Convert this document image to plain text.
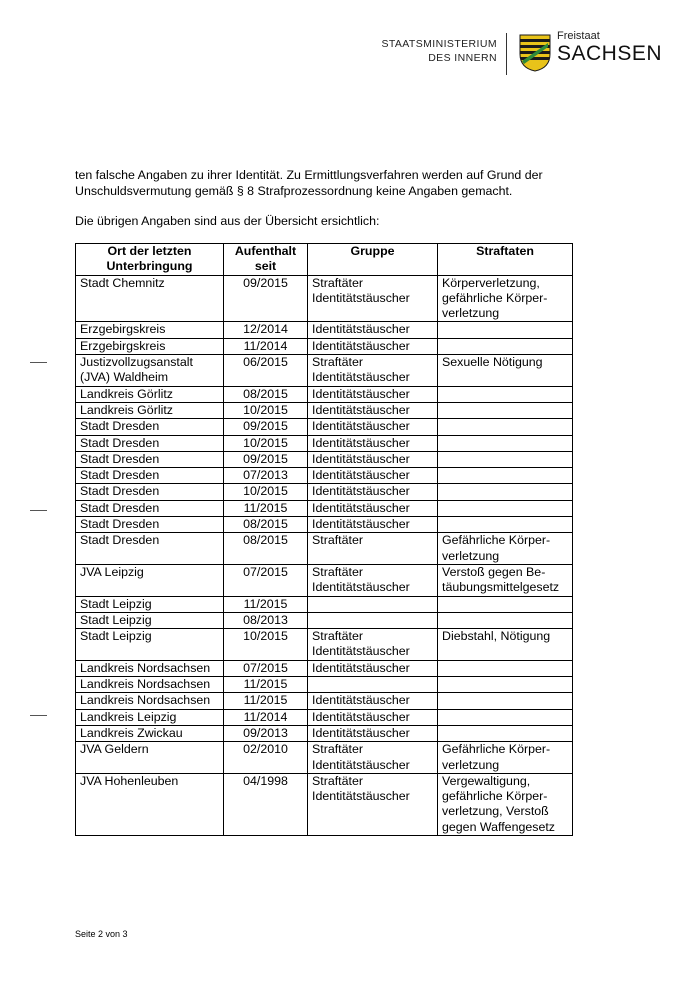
STAATSMINISTERIUM
DES INNERN
Freistaat
SACHSEN

ten falsche Angaben zu ihrer Identität. Zu Ermittlungsverfahren werden auf Grund der Unschuldsvermutung gemäß § 8 Strafprozessordnung keine Angaben gemacht.

Die übrigen Angaben sind aus der Übersicht ersichtlich:

Ort der letzten Unterbringung	Aufenthalt seit	Gruppe	Straftaten
Stadt Chemnitz	09/2015	Straftäter Identitätstäuscher	Körperverletzung, gefährliche Körperverletzung
Erzgebirgskreis	12/2014	Identitätstäuscher	
Erzgebirgskreis	11/2014	Identitätstäuscher	
Justizvollzugsanstalt (JVA) Waldheim	06/2015	Straftäter Identitätstäuscher	Sexuelle Nötigung
Landkreis Görlitz	08/2015	Identitätstäuscher	
Landkreis Görlitz	10/2015	Identitätstäuscher	
Stadt Dresden	09/2015	Identitätstäuscher	
Stadt Dresden	10/2015	Identitätstäuscher	
Stadt Dresden	09/2015	Identitätstäuscher	
Stadt Dresden	07/2013	Identitätstäuscher	
Stadt Dresden	10/2015	Identitätstäuscher	
Stadt Dresden	11/2015	Identitätstäuscher	
Stadt Dresden	08/2015	Identitätstäuscher	
Stadt Dresden	08/2015	Straftäter	Gefährliche Körperverletzung
JVA Leipzig	07/2015	Straftäter Identitätstäuscher	Verstoß gegen Betäubungsmittelgesetz
Stadt Leipzig	11/2015		
Stadt Leipzig	08/2013		
Stadt Leipzig	10/2015	Straftäter Identitätstäuscher	Diebstahl, Nötigung
Landkreis Nordsachsen	07/2015	Identitätstäuscher	
Landkreis Nordsachsen	11/2015		
Landkreis Nordsachsen	11/2015	Identitätstäuscher	
Landkreis Leipzig	11/2014	Identitätstäuscher	
Landkreis Zwickau	09/2013	Identitätstäuscher	
JVA Geldern	02/2010	Straftäter Identitätstäuscher	Gefährliche Körperverletzung
JVA Hohenleuben	04/1998	Straftäter Identitätstäuscher	Vergewaltigung, gefährliche Körperverletzung, Verstoß gegen Waffengesetz
Seite 2 von 3
